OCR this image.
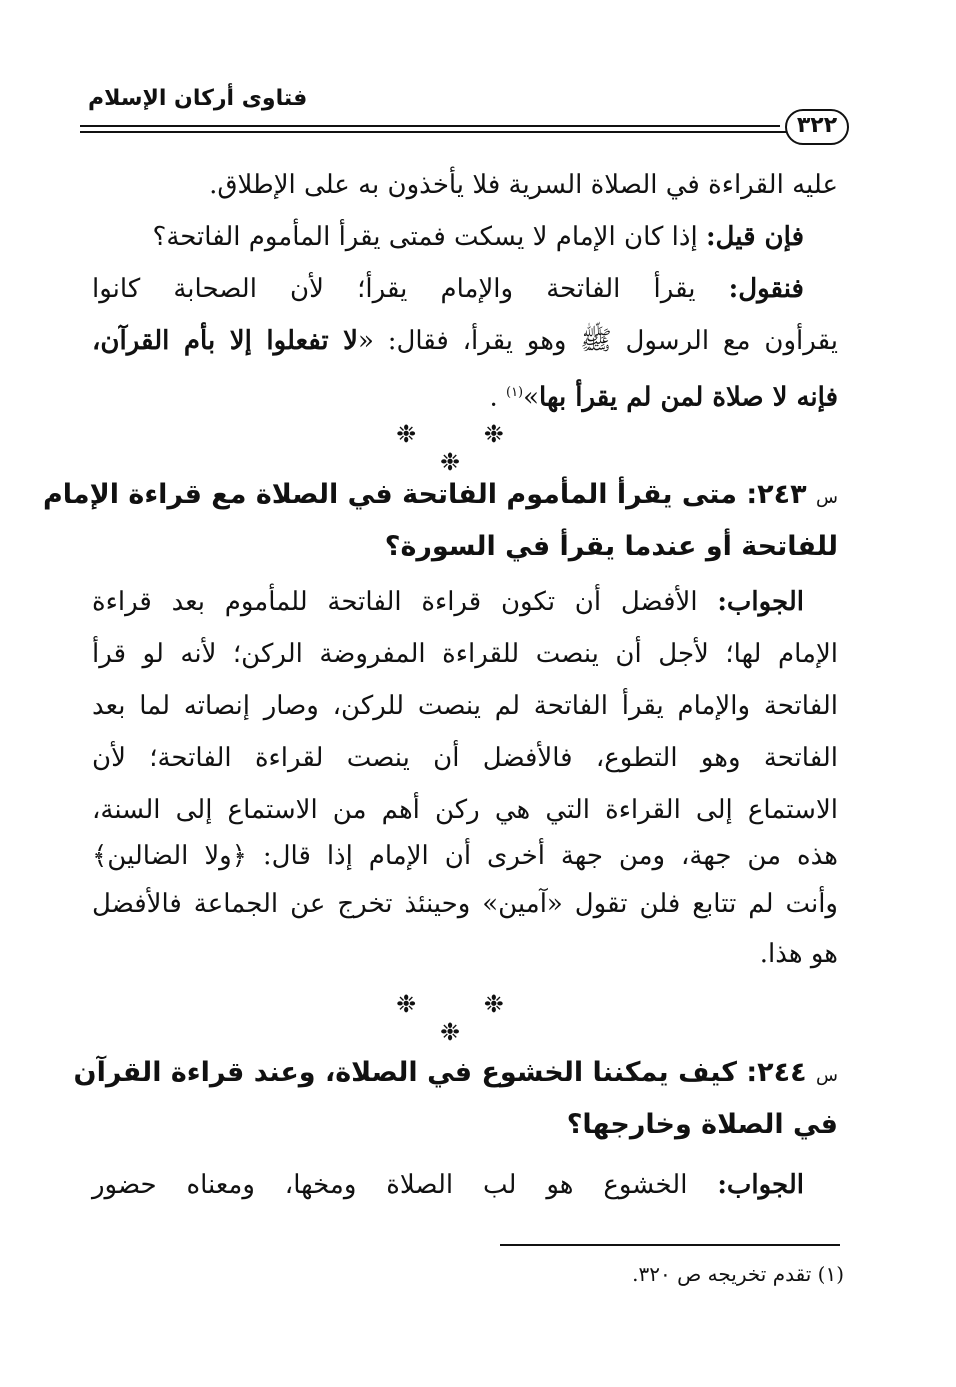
فتاوى أركان الإسلام
٣٢٢
عليه القراءة في الصلاة السرية فلا يأخذون به على الإطلاق.
فإن قيل: إذا كان الإمام لا يسكت فمتى يقرأ المأموم الفاتحة؟
فنقول: يقرأ الفاتحة والإمام يقرأ؛ لأن الصحابة كانوا
يقرأون مع الرسول ﷺ وهو يقرأ، فقال: «لا تفعلوا إلا بأم القرآن،
فإنه لا صلاة لمن لم يقرأ بها»$^{(١)}$ .
❉ ❉ ❉
س ٢٤٣: متى يقرأ المأموم الفاتحة في الصلاة مع قراءة الإمام
للفاتحة أو عندما يقرأ في السورة؟
الجواب: الأفضل أن تكون قراءة الفاتحة للمأموم بعد قراءة
الإمام لها؛ لأجل أن ينصت للقراءة المفروضة الركن؛ لأنه لو قرأ
الفاتحة والإمام يقرأ الفاتحة لم ينصت للركن، وصار إنصاته لما بعد
الفاتحة وهو التطوع، فالأفضل أن ينصت لقراءة الفاتحة؛ لأن
الاستماع إلى القراءة التي هي ركن أهم من الاستماع إلى السنة،
هذه من جهة، ومن جهة أخرى أن الإمام إذا قال: ﴿ولا الضالين﴾
وأنت لم تتابع فلن تقول «آمين» وحينئذ تخرج عن الجماعة فالأفضل
هو هذا.
❉ ❉ ❉
س ٢٤٤: كيف يمكننا الخشوع في الصلاة، وعند قراءة القرآن
في الصلاة وخارجها؟
الجواب: الخشوع هو لب الصلاة ومخها، ومعناه حضور
(١) تقدم تخريجه ص ٣٢٠.
